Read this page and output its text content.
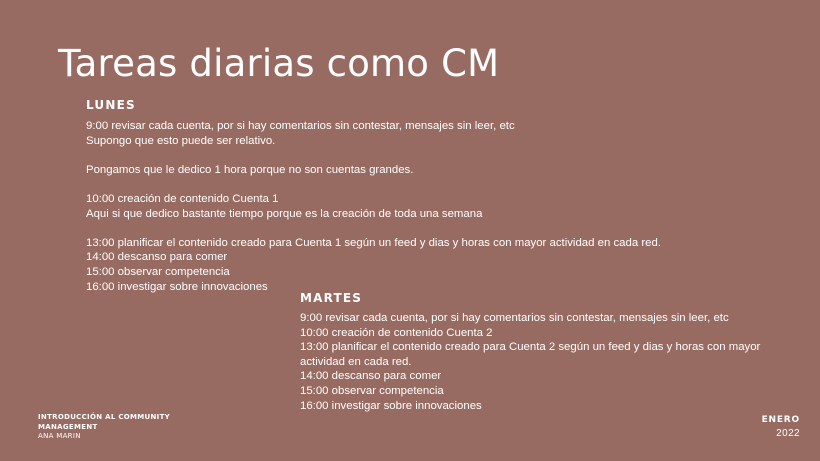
Tareas diarias como CM
LUNES
9:00 revisar cada cuenta, por si hay comentarios sin contestar, mensajes sin leer, etc
Supongo que esto puede ser relativo.
Pongamos que le dedico 1 hora porque no son cuentas grandes.
10:00 creación de contenido Cuenta 1
Aqui si que dedico bastante tiempo porque es la creación de toda una semana
13:00 planificar el contenido creado para Cuenta 1 según un feed y dias y horas con mayor actividad en cada red.
14:00 descanso para comer
15:00 observar competencia
16:00 investigar sobre innovaciones
MARTES
9:00 revisar cada cuenta, por si hay comentarios sin contestar, mensajes sin leer, etc
10:00 creación de contenido Cuenta 2
13:00 planificar el contenido creado para Cuenta 2 según un feed y dias y horas con mayor actividad en cada red.
14:00 descanso para comer
15:00 observar competencia
16:00 investigar sobre innovaciones
INTRODUCCIÓN AL COMMUNITY MANAGEMENT
ANA MARIN
ENERO
2022
